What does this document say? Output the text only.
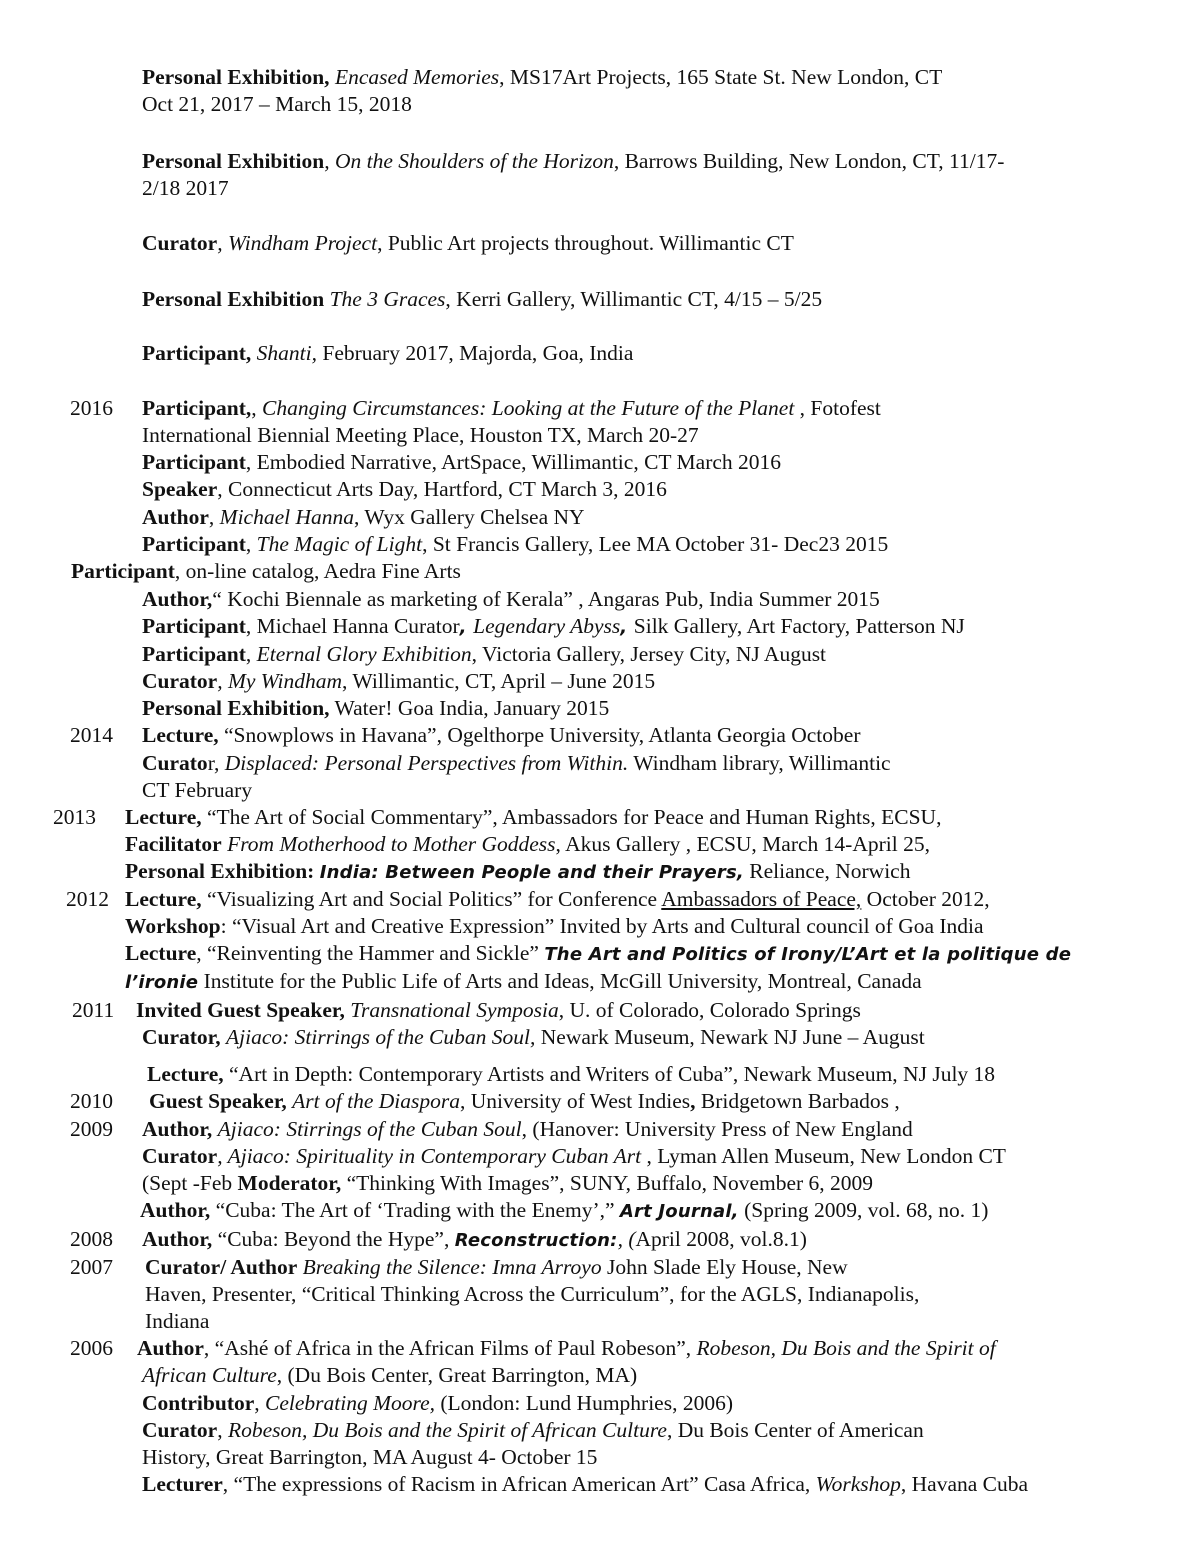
Personal Exhibition, Encased Memories, MS17Art Projects, 165 State St. New London, CT
Oct 21, 2017 – March 15, 2018
Personal Exhibition, On the Shoulders of the Horizon, Barrows Building, New London, CT, 11/17-
2/18 2017
Curator, Windham Project, Public Art projects throughout. Willimantic CT
Personal Exhibition The 3 Graces, Kerri Gallery, Willimantic CT, 4/15 – 5/25
Participant, Shanti, February 2017, Majorda, Goa, India
2016 Participant,, Changing Circumstances: Looking at the Future of the Planet , Fotofest
International Biennial Meeting Place, Houston TX, March 20-27
Participant, Embodied Narrative, ArtSpace, Willimantic, CT March 2016
Speaker, Connecticut Arts Day, Hartford, CT March 3, 2016
Author, Michael Hanna, Wyx Gallery Chelsea NY
Participant, The Magic of Light, St Francis Gallery, Lee MA October 31- Dec23 2015
Participant, on-line catalog, Aedra Fine Arts
Author,“ Kochi Biennale as marketing of Kerala” , Angaras Pub, India Summer 2015
Participant, Michael Hanna Curator, Legendary Abyss, Silk Gallery, Art Factory, Patterson NJ
Participant, Eternal Glory Exhibition, Victoria Gallery, Jersey City, NJ August
Curator, My Windham, Willimantic, CT, April – June 2015
Personal Exhibition, Water! Goa India, January 2015
2014 Lecture, “Snowplows in Havana”, Ogelthorpe University, Atlanta Georgia October
Curator, Displaced: Personal Perspectives from Within. Windham library, Willimantic
CT February
2013 Lecture, “The Art of Social Commentary”, Ambassadors for Peace and Human Rights, ECSU,
Facilitator From Motherhood to Mother Goddess, Akus Gallery , ECSU, March 14-April 25,
Personal Exhibition: India: Between People and their Prayers, Reliance, Norwich
2012 Lecture, “Visualizing Art and Social Politics” for Conference Ambassadors of Peace, October 2012,
Workshop: “Visual Art and Creative Expression” Invited by Arts and Cultural council of Goa India
Lecture, “Reinventing the Hammer and Sickle” The Art and Politics of Irony/L’Art et la politique de
l’ironie Institute for the Public Life of Arts and Ideas, McGill University, Montreal, Canada
2011 Invited Guest Speaker, Transnational Symposia, U. of Colorado, Colorado Springs
Curator, Ajiaco: Stirrings of the Cuban Soul, Newark Museum, Newark NJ June – August
Lecture, “Art in Depth: Contemporary Artists and Writers of Cuba”, Newark Museum, NJ July 18
2010 Guest Speaker, Art of the Diaspora, University of West Indies, Bridgetown Barbados ,
2009 Author, Ajiaco: Stirrings of the Cuban Soul, (Hanover: University Press of New England
Curator, Ajiaco: Spirituality in Contemporary Cuban Art , Lyman Allen Museum, New London CT
(Sept -Feb Moderator, “Thinking With Images”, SUNY, Buffalo, November 6, 2009
Author, “Cuba: The Art of ‘Trading with the Enemy’,” Art Journal, (Spring 2009, vol. 68, no. 1)
2008 Author, “Cuba: Beyond the Hype”, Reconstruction:, (April 2008, vol.8.1)
2007 Curator/ Author Breaking the Silence: Imna Arroyo John Slade Ely House, New
Haven, Presenter, “Critical Thinking Across the Curriculum”, for the AGLS, Indianapolis,
Indiana
2006 Author, “Ashé of Africa in the African Films of Paul Robeson”, Robeson, Du Bois and the Spirit of
African Culture, (Du Bois Center, Great Barrington, MA)
Contributor, Celebrating Moore, (London: Lund Humphries, 2006)
Curator, Robeson, Du Bois and the Spirit of African Culture, Du Bois Center of American
History, Great Barrington, MA August 4- October 15
Lecturer, “The expressions of Racism in African American Art” Casa Africa, Workshop, Havana Cuba
